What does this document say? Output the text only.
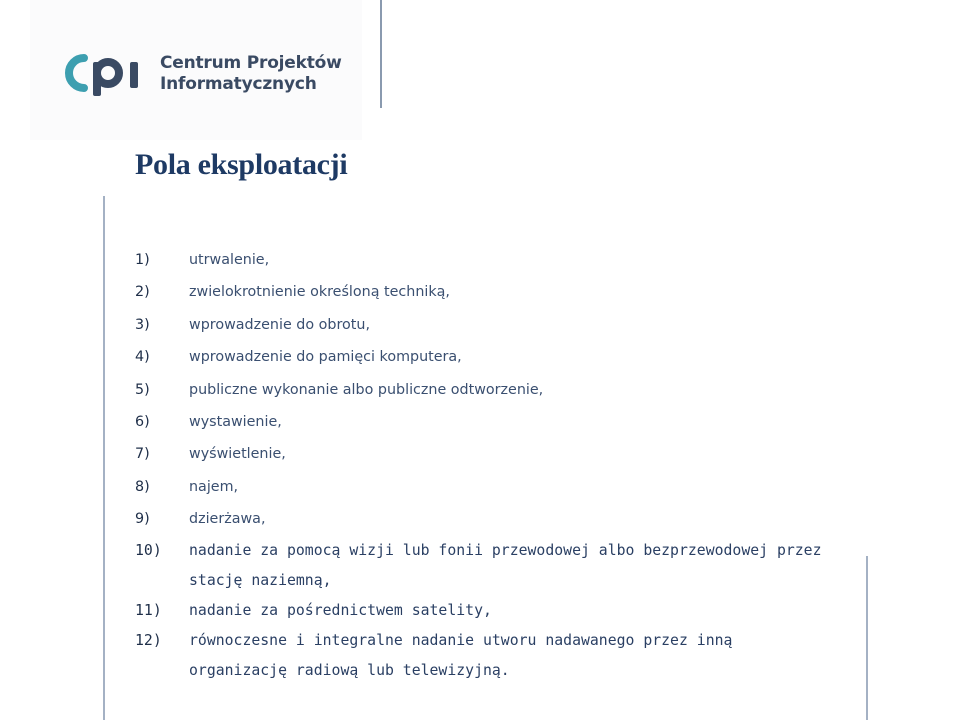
Centrum Projektów
Informatycznych
Pola eksploatacji
1)	utrwalenie,
2)	zwielokrotnienie określoną techniką,
3)	wprowadzenie do obrotu,
4)	wprowadzenie do pamięci komputera,
5)	publiczne wykonanie albo publiczne odtworzenie,
6)	wystawienie,
7)	wyświetlenie,
8)	najem,
9)	dzierżawa,
10)	nadanie za pomocą wizji lub fonii przewodowej albo bezprzewodowej przez stację naziemną,
11)	nadanie za pośrednictwem satelity,
12)	równoczesne i integralne nadanie utworu nadawanego przez inną organizację radiową lub telewizyjną.
